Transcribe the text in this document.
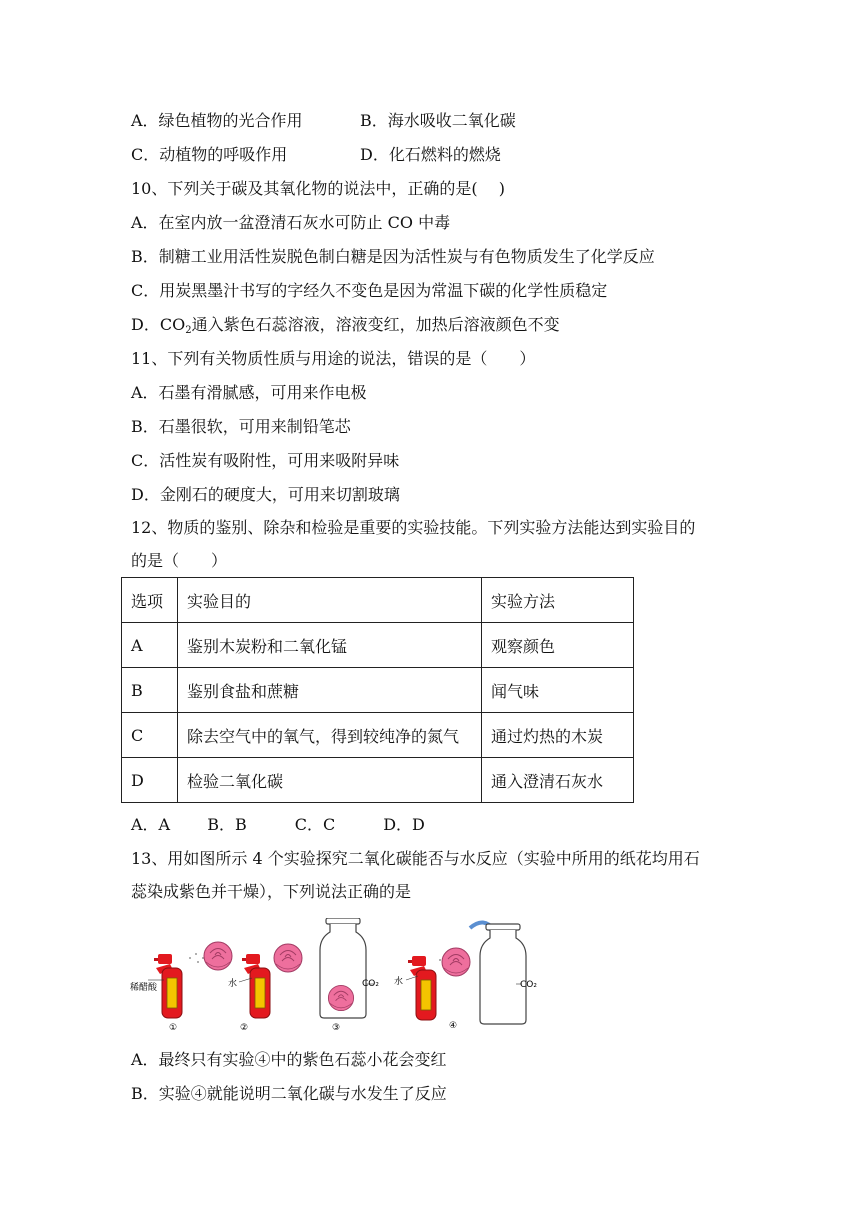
A．绿色植物的光合作用	B．海水吸收二氧化碳
C．动植物的呼吸作用	D．化石燃料的燃烧
10、下列关于碳及其氧化物的说法中，正确的是(　 )
A．在室内放一盆澄清石灰水可防止 CO 中毒
B．制糖工业用活性炭脱色制白糖是因为活性炭与有色物质发生了化学反应
C．用炭黑墨汁书写的字经久不变色是因为常温下碳的化学性质稳定
D．$CO_2$通入紫色石蕊溶液，溶液变红，加热后溶液颜色不变
11、下列有关物质性质与用途的说法，错误的是（　　）
A．石墨有滑腻感，可用来作电极
B．石墨很软，可用来制铅笔芯
C．活性炭有吸附性，可用来吸附异味
D．金刚石的硬度大，可用来切割玻璃
12、物质的鉴别、除杂和检验是重要的实验技能。下列实验方法能达到实验目的
的是（　　）
选项	实验目的	实验方法
A	鉴别木炭粉和二氧化锰	观察颜色
B	鉴别食盐和蔗糖	闻气味
C	除去空气中的氧气，得到较纯净的氮气	通过灼热的木炭
D	检验二氧化碳	通入澄清石灰水
A．A　　 B．B　　　C．C　　　D．D
13、用如图所示 4 个实验探究二氧化碳能否与水反应（实验中所用的纸花均用石
蕊染成紫色并干燥），下列说法正确的是
稀醋酸
①
水
②
CO₂
③
水
④
CO₂
A．最终只有实验④中的紫色石蕊小花会变红
B．实验④就能说明二氧化碳与水发生了反应
